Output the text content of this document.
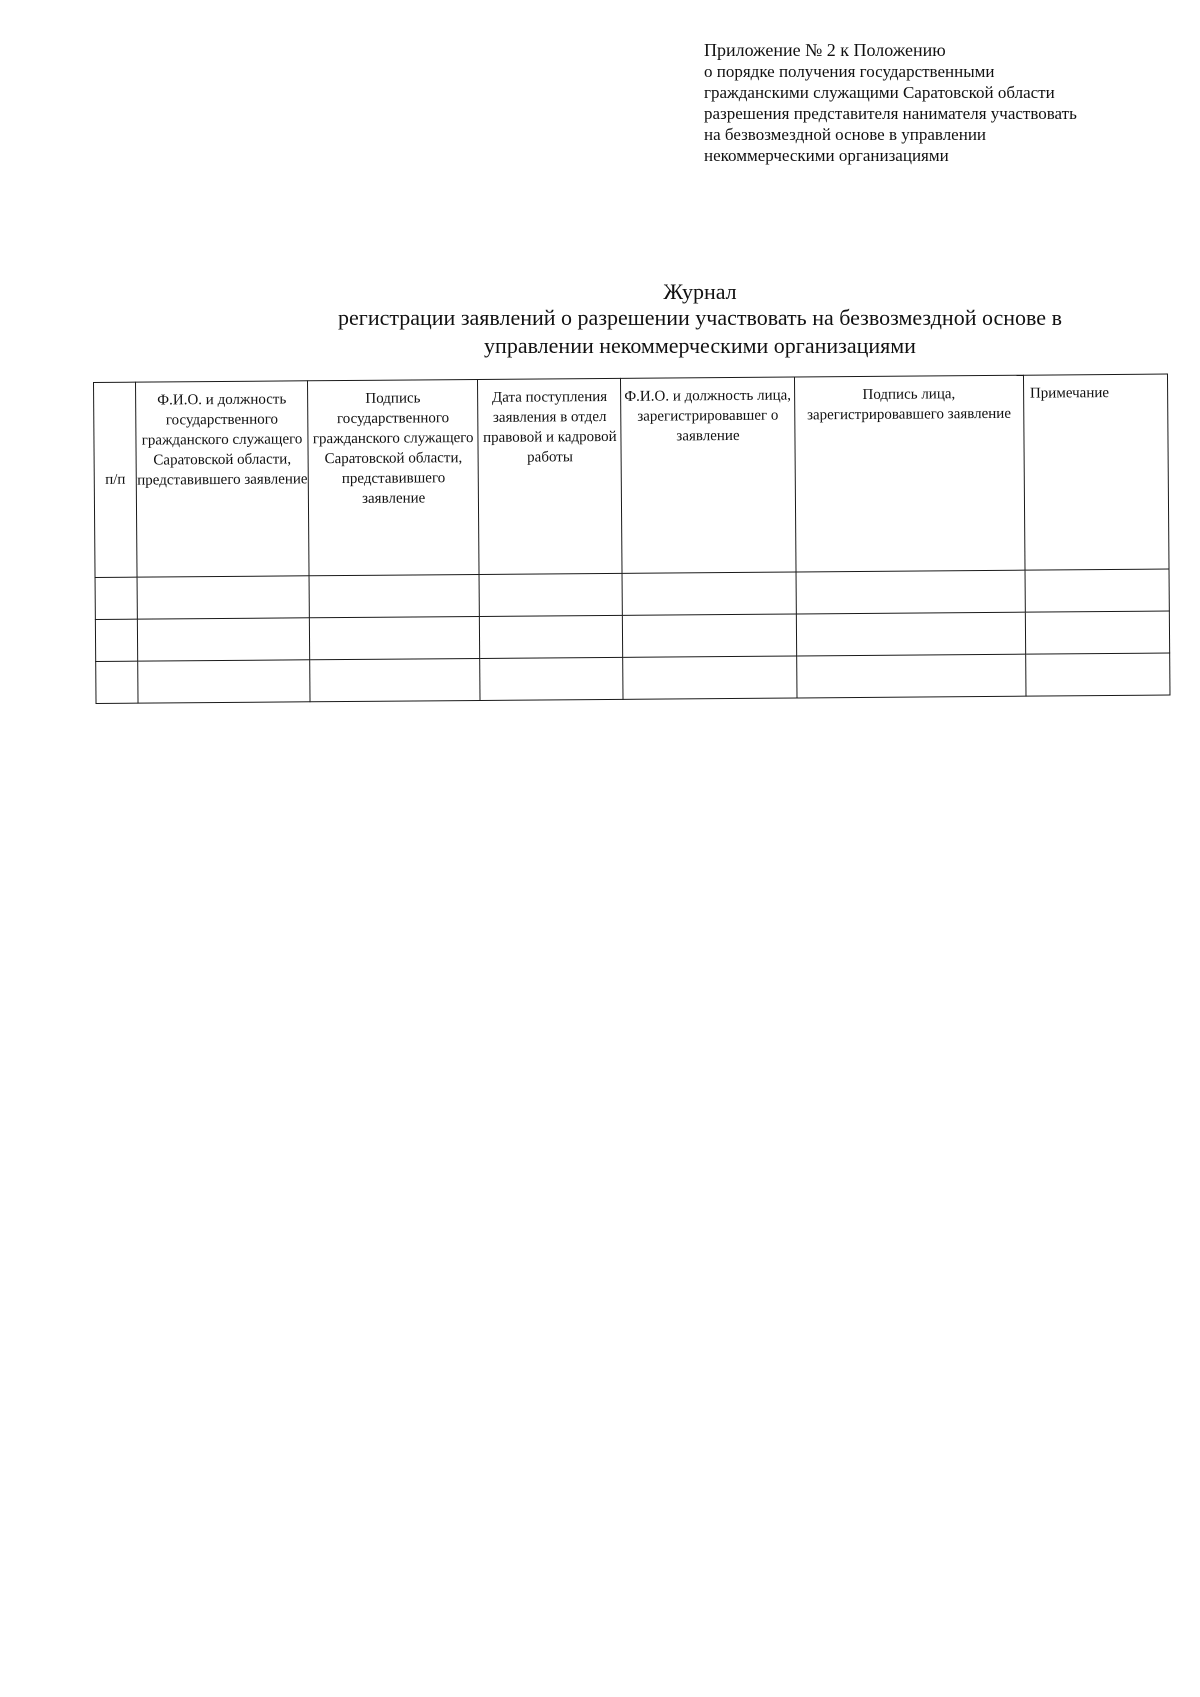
Приложение № 2 к Положению
о порядке получения государственными
гражданскими служащими Саратовской области
разрешения представителя нанимателя участвовать
на безвозмездной основе в управлении
некоммерческими организациями
Журнал
регистрации заявлений о разрешении участвовать на безвозмездной основе в
управлении некоммерческими организациями
п/п	Ф.И.О. и должность государственного гражданского служащего Саратовской области, представившего заявление	Подпись государственного гражданского служащего Саратовской области, представившего заявление	Дата поступления заявления в отдел правовой и кадровой работы	Ф.И.О. и должность лица, зарегистрировавшег о заявление	Подпись лица, зарегистрировавшего заявление	Примечание
